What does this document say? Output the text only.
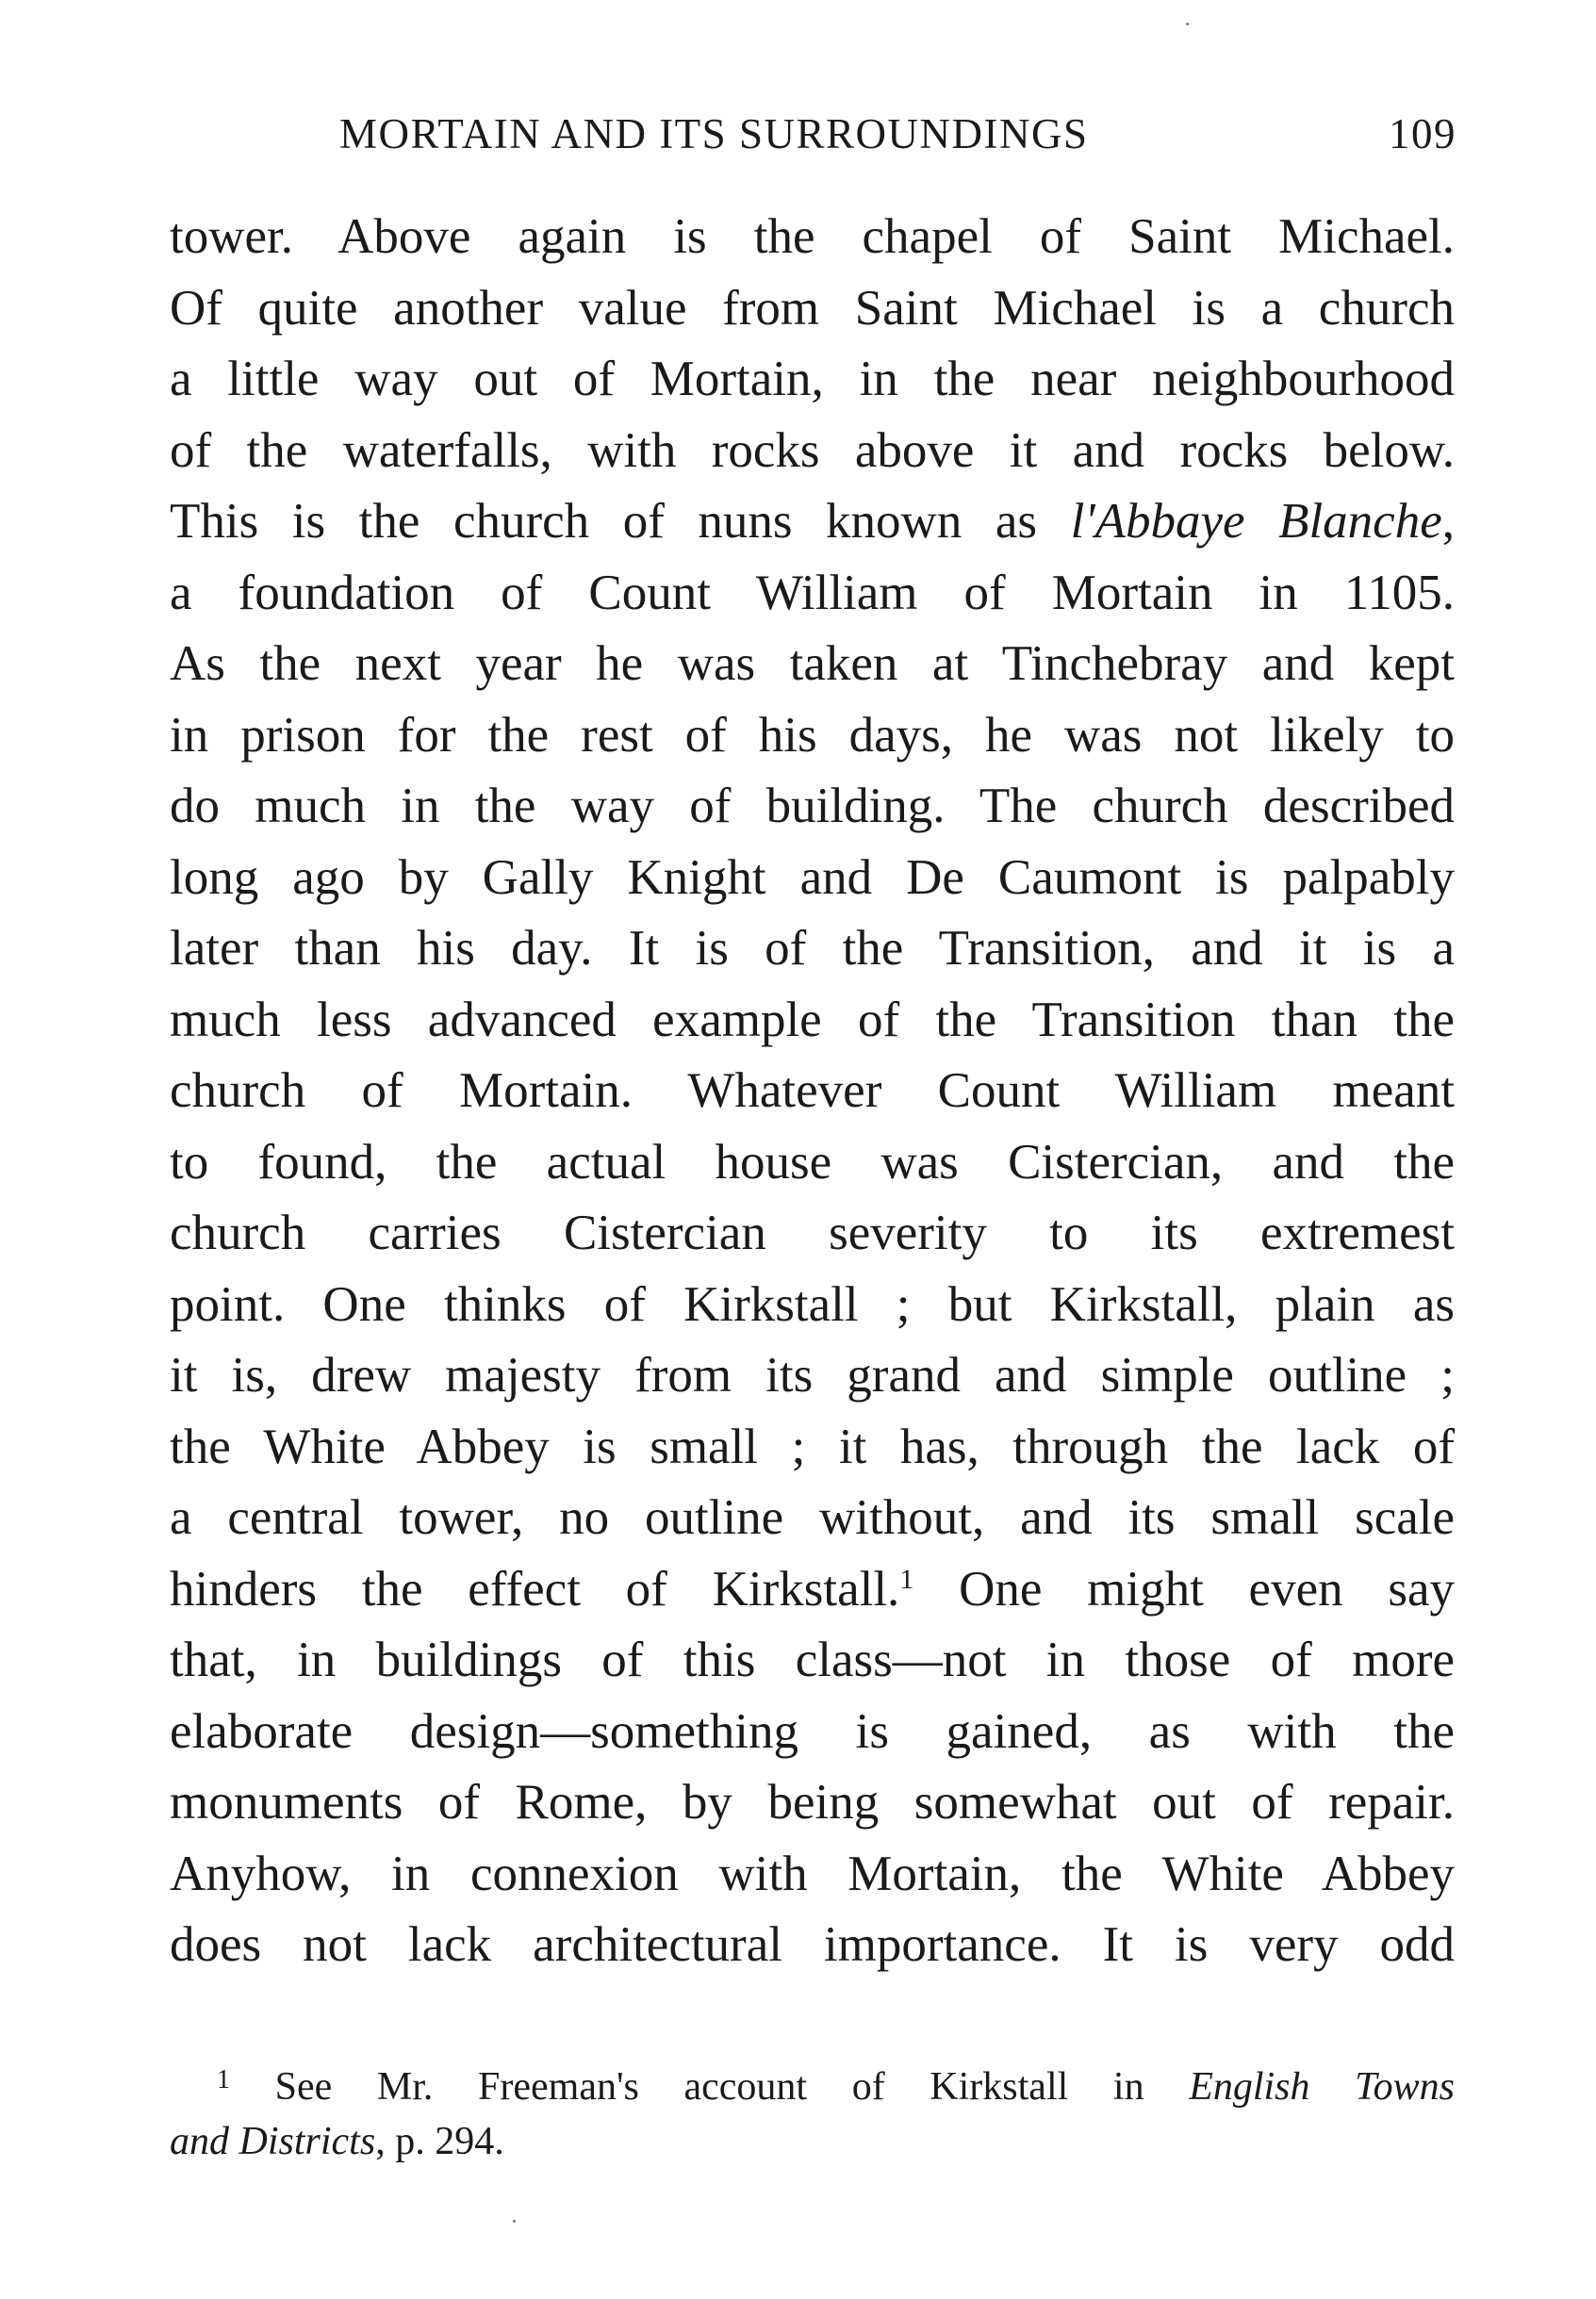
MORTAIN AND ITS SURROUNDINGS	109
tower. Above again is the chapel of Saint Michael.
Of quite another value from Saint Michael is a church
a little way out of Mortain, in the near neighbourhood
of the waterfalls, with rocks above it and rocks below.
This is the church of nuns known as l'Abbaye Blanche,
a foundation of Count William of Mortain in 1105.
As the next year he was taken at Tinchebray and kept
in prison for the rest of his days, he was not likely to
do much in the way of building. The church described
long ago by Gally Knight and De Caumont is palpably
later than his day. It is of the Transition, and it is a
much less advanced example of the Transition than the
church of Mortain. Whatever Count William meant
to found, the actual house was Cistercian, and the
church carries Cistercian severity to its extremest
point. One thinks of Kirkstall ; but Kirkstall, plain as
it is, drew majesty from its grand and simple outline ;
the White Abbey is small ; it has, through the lack of
a central tower, no outline without, and its small scale
hinders the effect of Kirkstall.$^1$ One might even say
that, in buildings of this class—not in those of more
elaborate design—something is gained, as with the
monuments of Rome, by being somewhat out of repair.
Anyhow, in connexion with Mortain, the White Abbey
does not lack architectural importance. It is very odd
$^1$ See Mr. Freeman's account of Kirkstall in English Towns
and Districts, p. 294.
